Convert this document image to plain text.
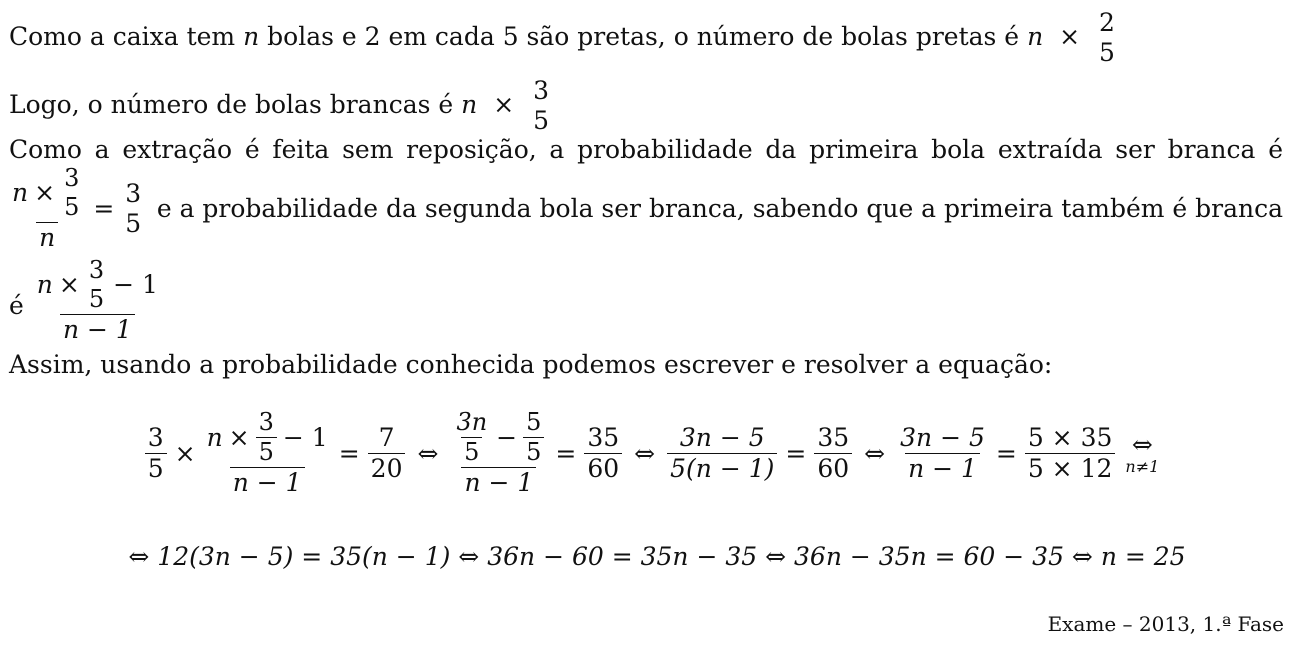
Como a caixa tem n bolas e 2 em cada 5 são pretas, o número de bolas pretas é n × 2
5
Logo, o número de bolas brancas é n × 3
5
Como a extração é feita sem reposição, a probabilidade da primeira bola extraída ser branca é
n ×
3
5
n =
3
5 e a probabilidade da segunda bola ser branca, sabendo que a primeira também é branca
é n ×
3
5
− 1
n − 1
Assim, usando a probabilidade conhecida podemos escrever e resolver a equação:
$\frac{3}{5}$ ×
$n \times \frac{3}{5} - 1$
n − 1
= $\frac{7}{20}$ ⇔ $\frac{3n}{5} - \frac{5}{5}$
n − 1
= $\frac{35}{60}$ ⇔ $\frac{3n - 5}{5(n - 1)} = \frac{35}{60}$ ⇔ $\frac{3n - 5}{n - 1} = \frac{5 \times 35}{5 \times 12}$ ⇔
n≠1
⇔ 12(3n − 5) = 35(n − 1) ⇔ 36n − 60 = 35n − 35 ⇔ 36n − 35n = 60 − 35 ⇔ n = 25
Exame – 2013, 1.ª Fase
